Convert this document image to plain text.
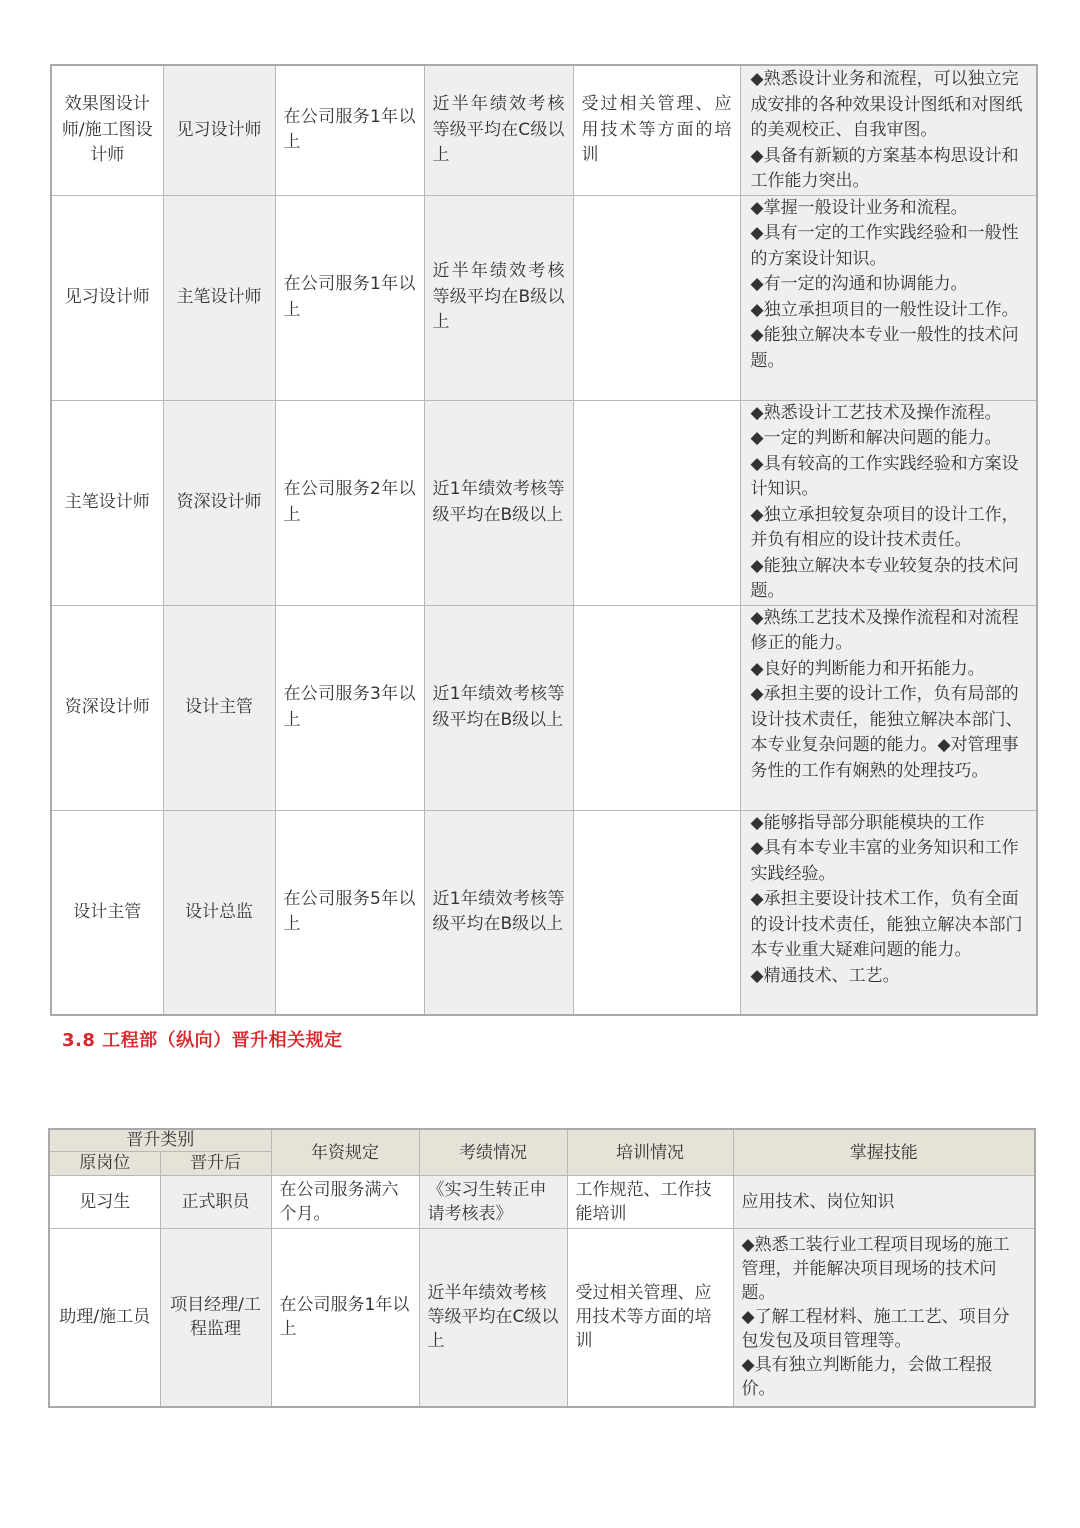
效果图设计师/施工图设计师	见习设计师	在公司服务1年以上	近半年绩效考核等级平均在C级以上	受过相关管理、应用技术等方面的培训	◆熟悉设计业务和流程，可以独立完成安排的各种效果设计图纸和对图纸的美观校正、自我审图。
◆具备有新颖的方案基本构思设计和工作能力突出。

见习设计师	主笔设计师	在公司服务1年以上	近半年绩效考核等级平均在B级以上		◆掌握一般设计业务和流程。
◆具有一定的工作实践经验和一般性的方案设计知识。
◆有一定的沟通和协调能力。
◆独立承担项目的一般性设计工作。
◆能独立解决本专业一般性的技术问题。

主笔设计师	资深设计师	在公司服务2年以上	近1年绩效考核等级平均在B级以上		◆熟悉设计工艺技术及操作流程。
◆一定的判断和解决问题的能力。
◆具有较高的工作实践经验和方案设计知识。
◆独立承担较复杂项目的设计工作，并负有相应的设计技术责任。
◆能独立解决本专业较复杂的技术问题。

资深设计师	设计主管	在公司服务3年以上	近1年绩效考核等级平均在B级以上		◆熟练工艺技术及操作流程和对流程修正的能力。
◆良好的判断能力和开拓能力。
◆承担主要的设计工作，负有局部的设计技术责任，能独立解决本部门、本专业复杂问题的能力。◆对管理事务性的工作有娴熟的处理技巧。

设计主管	设计总监	在公司服务5年以上	近1年绩效考核等级平均在B级以上		◆能够指导部分职能模块的工作
◆具有本专业丰富的业务知识和工作实践经验。
◆承担主要设计技术工作，负有全面的设计技术责任，能独立解决本部门本专业重大疑难问题的能力。
◆精通技术、工艺。
3.8 工程部（纵向）晋升相关规定
晋升类别		年资规定	考绩情况	培训情况	掌握技能
原岗位	晋升后				
见习生	正式职员	在公司服务满六个月。	《实习生转正申请考核表》	工作规范、工作技能培训	应用技术、岗位知识

助理/施工员	项目经理/工程监理	在公司服务1年以上	近半年绩效考核等级平均在C级以上	受过相关管理、应用技术等方面的培训	◆熟悉工装行业工程项目现场的施工管理，并能解决项目现场的技术问题。
◆了解工程材料、施工工艺、项目分包发包及项目管理等。
◆具有独立判断能力，会做工程报价。
